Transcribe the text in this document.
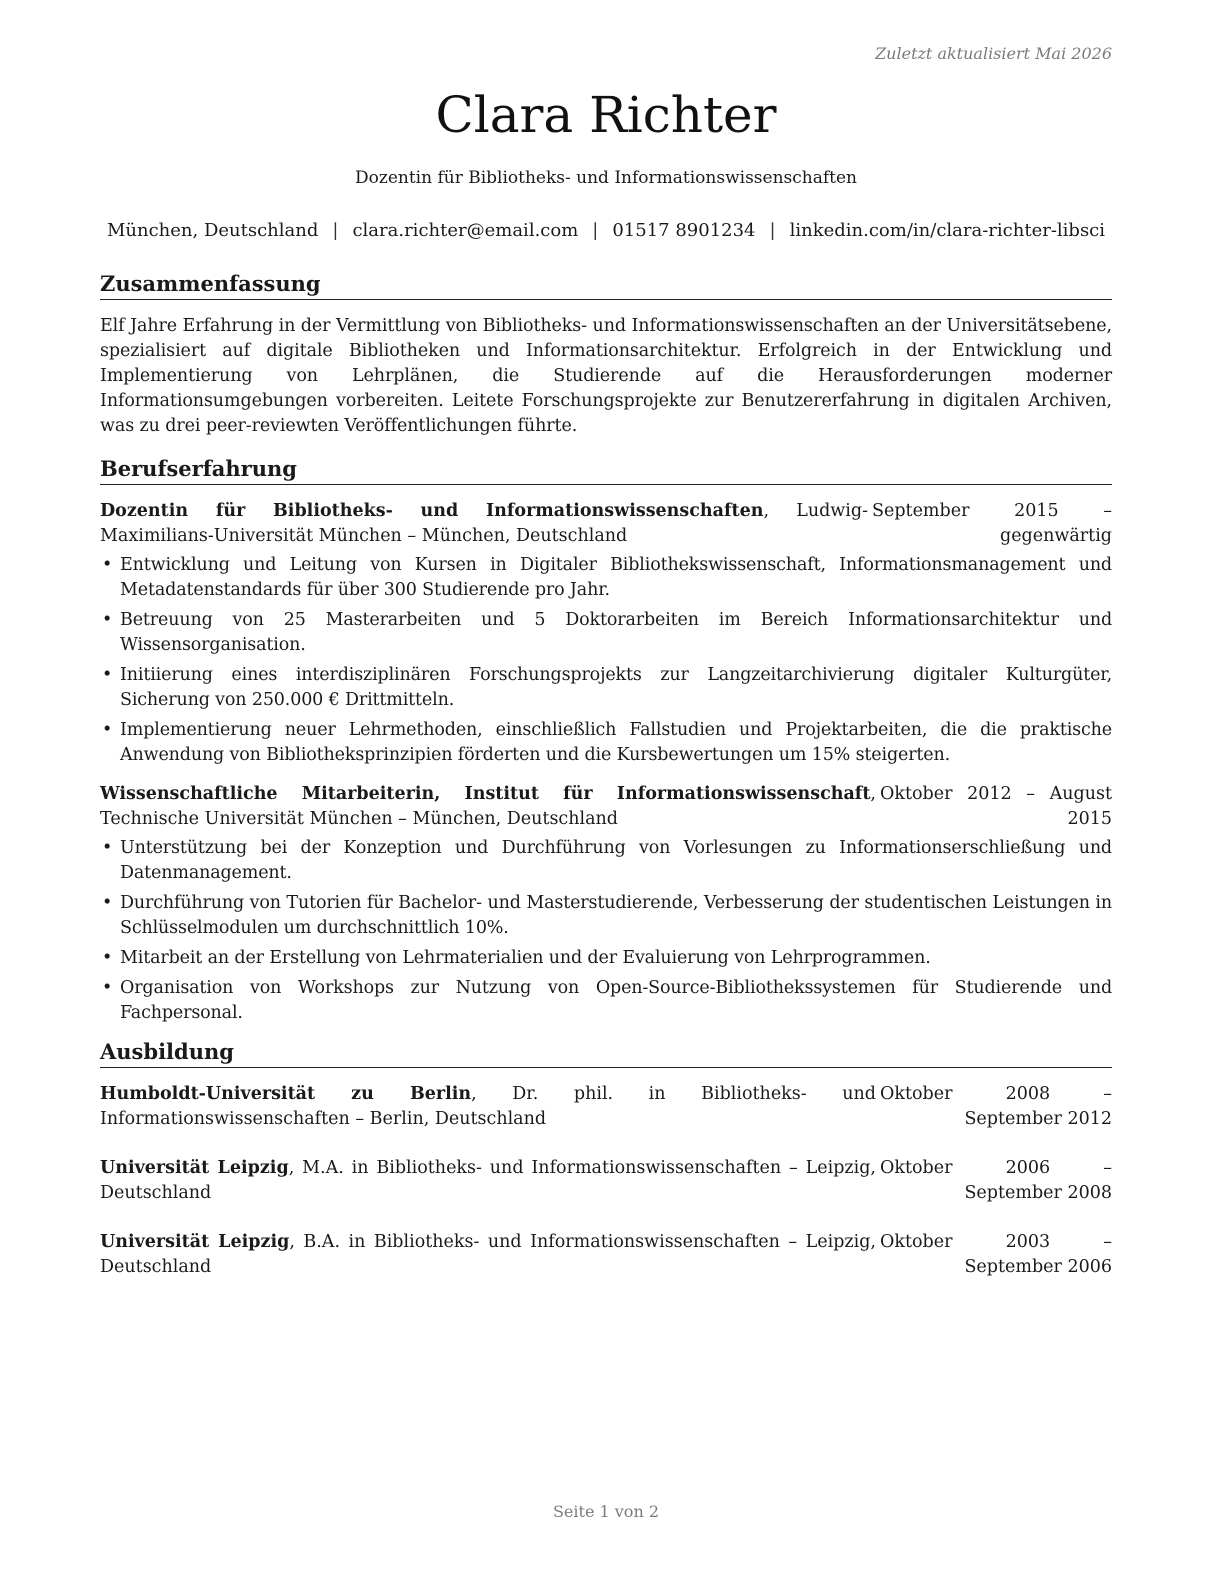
Zuletzt aktualisiert Mai 2026
Clara Richter
Dozentin für Bibliotheks- und Informationswissenschaften
München, Deutschland | clara.richter@email.com | 01517 8901234 | linkedin.com/in/clara-richter-libsci
Zusammenfassung

Elf Jahre Erfahrung in der Vermittlung von Bibliotheks- und Informationswissenschaften an der Universitätsebene, spezialisiert auf digitale Bibliotheken und Informationsarchitektur. Erfolgreich in der Entwicklung und Implementierung von Lehrplänen, die Studierende auf die Herausforderungen moderner Informationsumgebungen vorbereiten. Leitete Forschungsprojekte zur Benutzererfahrung in digitalen Archiven, was zu drei peer-reviewten Veröffentlichungen führte.

Berufserfahrung
Dozentin für Bibliotheks- und Informationswissenschaften, Ludwig-Maximilians-Universität München – München, Deutschland
September 2015 – gegenwärtig
• Entwicklung und Leitung von Kursen in Digitaler Bibliothekswissenschaft, Informationsmanagement und Metadatenstandards für über 300 Studierende pro Jahr.
• Betreuung von 25 Masterarbeiten und 5 Doktorarbeiten im Bereich Informationsarchitektur und Wissensorganisation.
• Initiierung eines interdisziplinären Forschungsprojekts zur Langzeitarchivierung digitaler Kulturgüter, Sicherung von 250.000 € Drittmitteln.
• Implementierung neuer Lehrmethoden, einschließlich Fallstudien und Projektarbeiten, die die praktische Anwendung von Bibliotheksprinzipien förderten und die Kursbewertungen um 15% steigerten.
Wissenschaftliche Mitarbeiterin, Institut für Informationswissenschaft, Technische Universität München – München, Deutschland
Oktober 2012 – August 2015
• Unterstützung bei der Konzeption und Durchführung von Vorlesungen zu Informationserschließung und Datenmanagement.
• Durchführung von Tutorien für Bachelor- und Masterstudierende, Verbesserung der studentischen Leistungen in Schlüsselmodulen um durchschnittlich 10%.
• Mitarbeit an der Erstellung von Lehrmaterialien und der Evaluierung von Lehrprogrammen.
• Organisation von Workshops zur Nutzung von Open-Source-Bibliothekssystemen für Studierende und Fachpersonal.
Ausbildung
Humboldt-Universität zu Berlin, Dr. phil. in Bibliotheks- und Informationswissenschaften – Berlin, Deutschland
Oktober 2008 – September 2012
Universität Leipzig, M.A. in Bibliotheks- und Informationswissenschaften – Leipzig, Deutschland
Oktober 2006 – September 2008
Universität Leipzig, B.A. in Bibliotheks- und Informationswissenschaften – Leipzig, Deutschland
Oktober 2003 – September 2006
Seite 1 von 2
